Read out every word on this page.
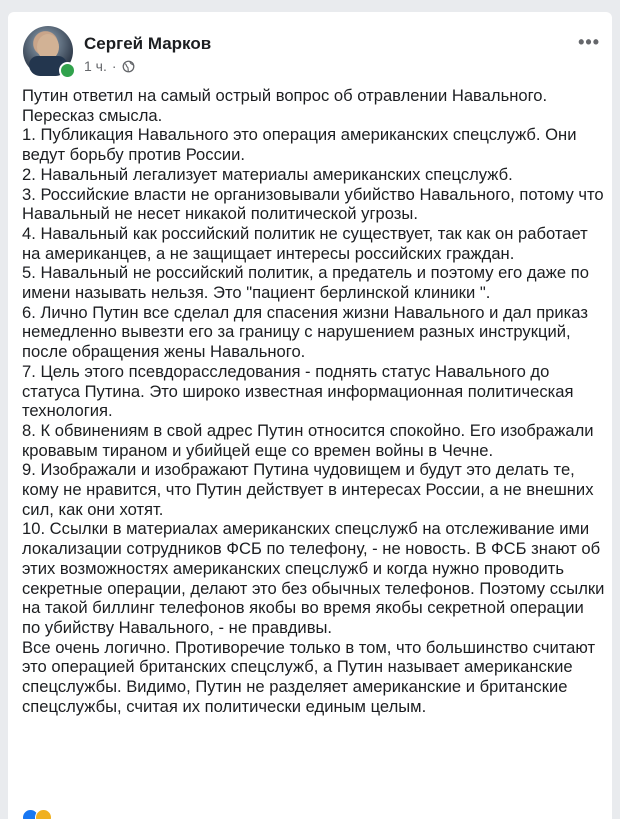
Сергей Марков
1 ч. ·
•••

Путин ответил на самый острый вопрос об отравлении Навального.

Пересказ смысла.

1. Публикация Навального это операция американских спецслужб. Они ведут борьбу против России.

2. Навальный легализует материалы американских спецслужб.

3. Российские власти не организовывали убийство Навального, потому что Навальный не несет никакой политической угрозы.

4. Навальный как российский политик не существует, так как он работает на американцев, а не защищает интересы российских граждан.

5. Навальный не российский политик, а предатель и поэтому его даже по имени называть нельзя. Это "пациент берлинской клиники ".

6. Лично Путин все сделал для спасения жизни Навального и дал приказ немедленно вывезти его за границу с нарушением разных инструкций, после обращения жены Навального.

7. Цель этого псевдорасследования - поднять статус Навального до статуса Путина. Это широко известная информационная политическая технология.

8. К обвинениям в свой адрес Путин относится спокойно. Его изображали кровавым тираном и убийцей еще со времен войны в Чечне.

9. Изображали и изображают Путина чудовищем и будут это делать те, кому не нравится, что Путин действует в интересах России, а не внешних сил, как они хотят.

10. Ссылки в материалах американских спецслужб на отслеживание ими локализации сотрудников ФСБ по телефону, - не новость. В ФСБ знают об этих возможностях американских спецслужб и когда нужно проводить секретные операции, делают это без обычных телефонов. Поэтому ссылки на такой биллинг телефонов якобы во время якобы секретной операции по убийству Навального, - не правдивы.

Все очень логично. Противоречие только в том, что большинство считают это операцией британских спецслужб, а Путин называет американские спецслужбы. Видимо, Путин не разделяет американские и британские спецслужбы, считая их политически единым целым.
